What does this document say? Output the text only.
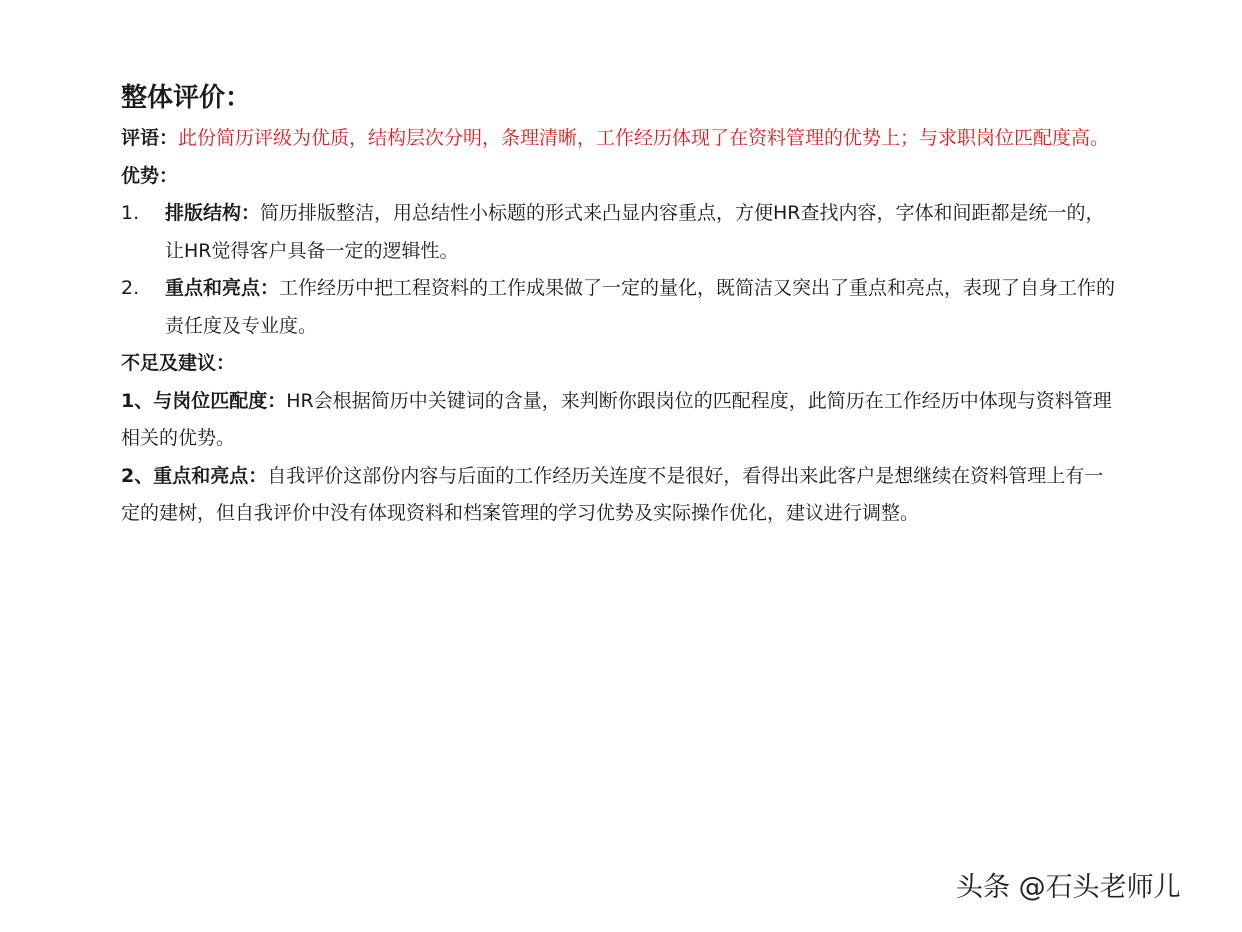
整体评价：
评语：此份简历评级为优质，结构层次分明，条理清晰，工作经历体现了在资料管理的优势上；与求职岗位匹配度高。
优势：
1. 排版结构：简历排版整洁，用总结性小标题的形式来凸显内容重点，方便HR查找内容，字体和间距都是统一的，让HR觉得客户具备一定的逻辑性。
2. 重点和亮点：工作经历中把工程资料的工作成果做了一定的量化，既简洁又突出了重点和亮点，表现了自身工作的责任度及专业度。
不足及建议：
1、与岗位匹配度：HR会根据简历中关键词的含量，来判断你跟岗位的匹配程度，此简历在工作经历中体现与资料管理相关的优势。
2、重点和亮点：自我评价这部份内容与后面的工作经历关连度不是很好，看得出来此客户是想继续在资料管理上有一定的建树，但自我评价中没有体现资料和档案管理的学习优势及实际操作优化，建议进行调整。
头条 @石头老师儿
